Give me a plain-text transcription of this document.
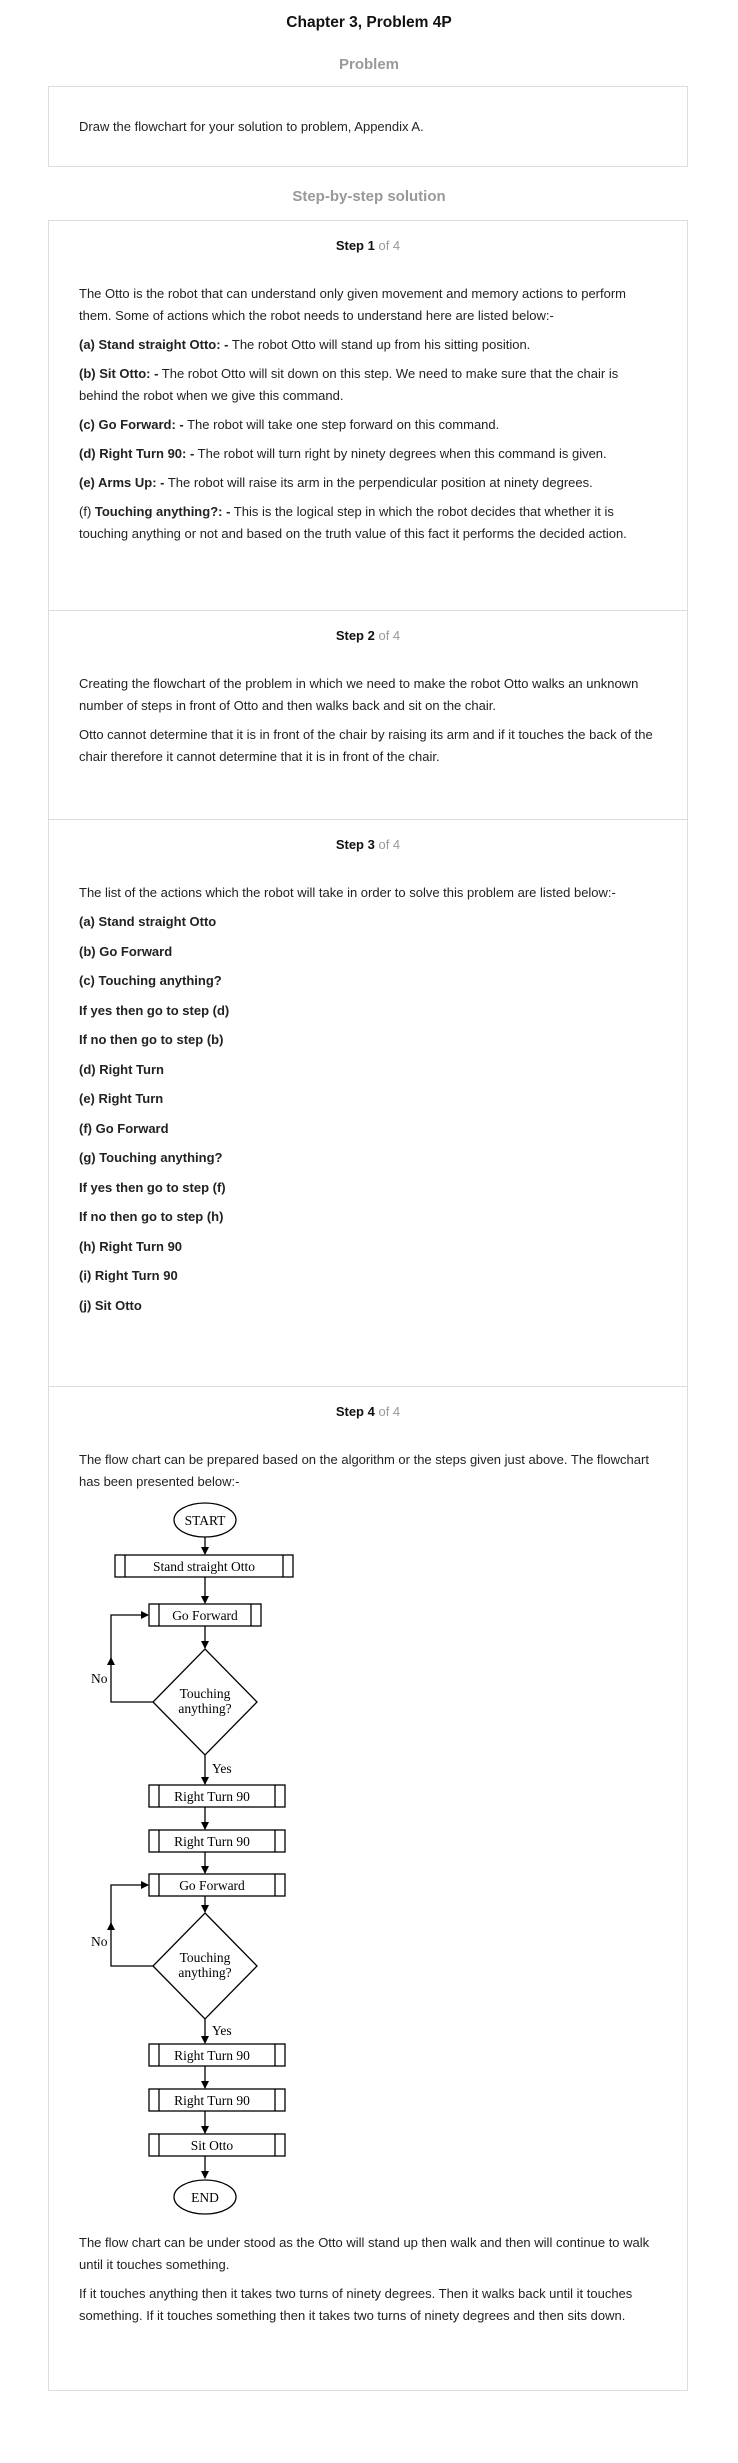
Chapter 3, Problem 4P
Problem
Draw the flowchart for your solution to problem, Appendix A.
Step-by-step solution
Step 1 of 4

The Otto is the robot that can understand only given movement and memory actions to perform them. Some of actions which the robot needs to understand here are listed below:-

(a) Stand straight Otto: - The robot Otto will stand up from his sitting position.

(b) Sit Otto: - The robot Otto will sit down on this step. We need to make sure that the chair is behind the robot when we give this command.

(c) Go Forward: - The robot will take one step forward on this command.

(d) Right Turn 90: - The robot will turn right by ninety degrees when this command is given.

(e) Arms Up: - The robot will raise its arm in the perpendicular position at ninety degrees.

(f) Touching anything?: - This is the logical step in which the robot decides that whether it is touching anything or not and based on the truth value of this fact it performs the decided action.

Step 2 of 4

Creating the flowchart of the problem in which we need to make the robot Otto walks an unknown number of steps in front of Otto and then walks back and sit on the chair.

Otto cannot determine that it is in front of the chair by raising its arm and if it touches the back of the chair therefore it cannot determine that it is in front of the chair.

Step 3 of 4

The list of the actions which the robot will take in order to solve this problem are listed below:-

(a) Stand straight Otto

(b) Go Forward

(c) Touching anything?

If yes then go to step (d)

If no then go to step (b)

(d) Right Turn

(e) Right Turn

(f) Go Forward

(g) Touching anything?

If yes then go to step (f)

If no then go to step (h)

(h) Right Turn 90

(i) Right Turn 90

(j) Sit Otto

Step 4 of 4

The flow chart can be prepared based on the algorithm or the steps given just above. The flowchart has been presented below:-

START
Stand straight Otto
Go Forward
Touching
anything?
No
Yes
Right Turn 90
Right Turn 90
Go Forward
Touching
anything?
No
Yes
Right Turn 90
Right Turn 90
Sit Otto
END

The flow chart can be under stood as the Otto will stand up then walk and then will continue to walk until it touches something.

If it touches anything then it takes two turns of ninety degrees. Then it walks back until it touches something. If it touches something then it takes two turns of ninety degrees and then sits down.
